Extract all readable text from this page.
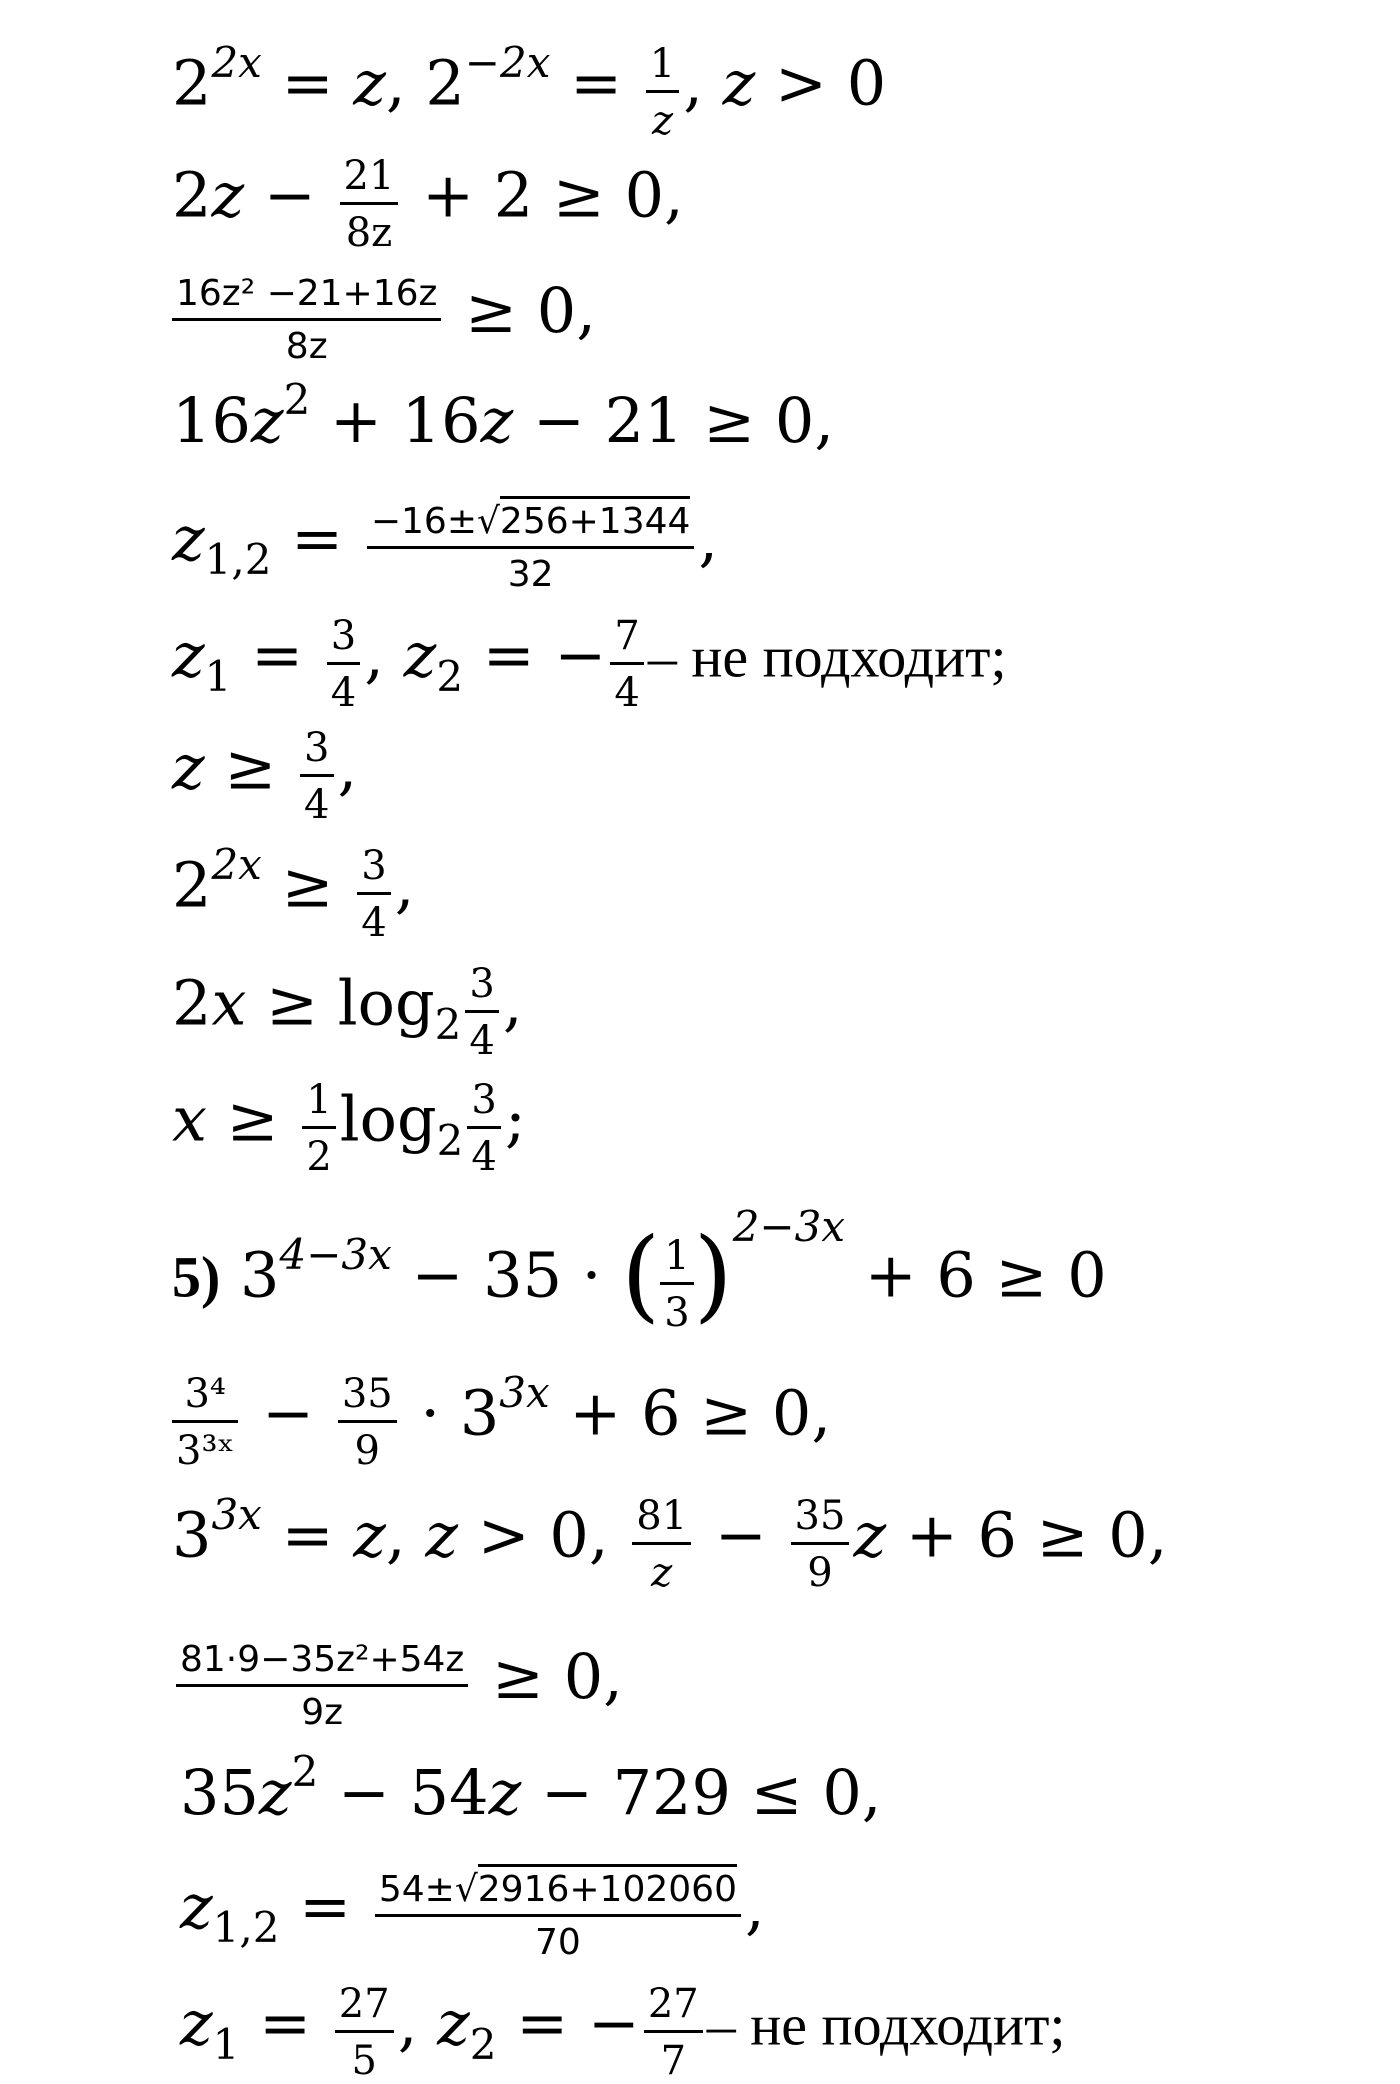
$2^{2x} = z$, $2^{-2x} = \frac{1}{z}$ , z > 0
$2z - \frac{21}{8z} + 2 \ge 0$,
$\frac{\text{16z² −21+16z}}{8z} \ge 0$,
$16z^2 + 16z - 21 \ge 0$,
$z_{1,2} = \frac{-16\pm√256+1344}{32}$ ,
$z_1 = \frac{3}{4}$ , $z_2$ = − $\frac{7}{4}$ – не подходит;
$z \ge \frac{3}{4}$ ,
$2^{2x} \ge \frac{3}{4}$ ,
$2x \ge \log_2 \frac{3}{4}$ ,
$x \ge \frac{1}{2} \log_2 \frac{3}{4}$ ;
5) $3^{4-3x} - 35$ · ( $\frac{1}{3} )^{2-3x} + 6 \ge 0$
$\frac{\text{3⁴}}{\text{3³ˣ}} - \frac{35}{9} \cdot 3^{3x} + 6 \ge 0$,
$3^{3x} = z$, z > 0, $\frac{81}{z} - \frac{35}{9}$ z + 6 ≥ 0,
$\frac{\text{81·9−35z²+54z}}{9z} \ge 0$,
$35z^2 - 54z - 729 \le 0$,
$z_{1,2} = \frac{54\pm√2916+102060}{70}$ ,
$z_1 = \frac{27}{5}$ , $z_2$ = − $\frac{27}{7}$ – не подходит;
